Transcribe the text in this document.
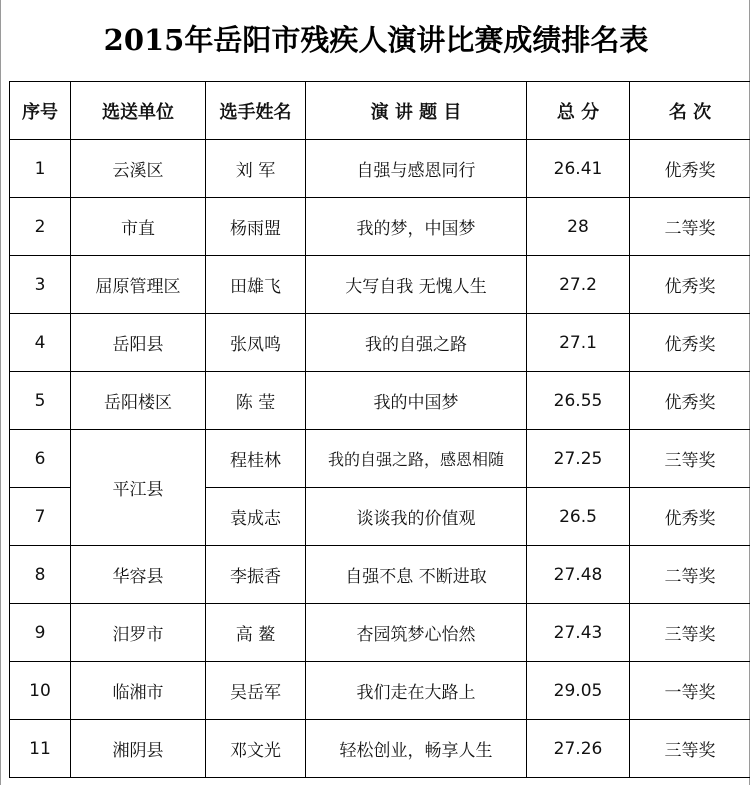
2015年岳阳市残疾人演讲比赛成绩排名表
序号	选送单位	选手姓名	演 讲 题 目	总 分	名 次
1	云溪区	刘 军	自强与感恩同行	26.41	优秀奖
2	市直	杨雨盟	我的梦，中国梦	28	二等奖
3	屈原管理区	田雄飞	大写自我 无愧人生	27.2	优秀奖
4	岳阳县	张凤鸣	我的自强之路	27.1	优秀奖
5	岳阳楼区	陈 莹	我的中国梦	26.55	优秀奖
6	平江县	程桂林	我的自强之路，感恩相随	27.25	三等奖
7		袁成志	谈谈我的价值观	26.5	优秀奖
8	华容县	李振香	自强不息 不断进取	27.48	二等奖
9	汨罗市	高 鳌	杏园筑梦心怡然	27.43	三等奖
10	临湘市	吴岳军	我们走在大路上	29.05	一等奖
11	湘阴县	邓文光	轻松创业，畅享人生	27.26	三等奖
